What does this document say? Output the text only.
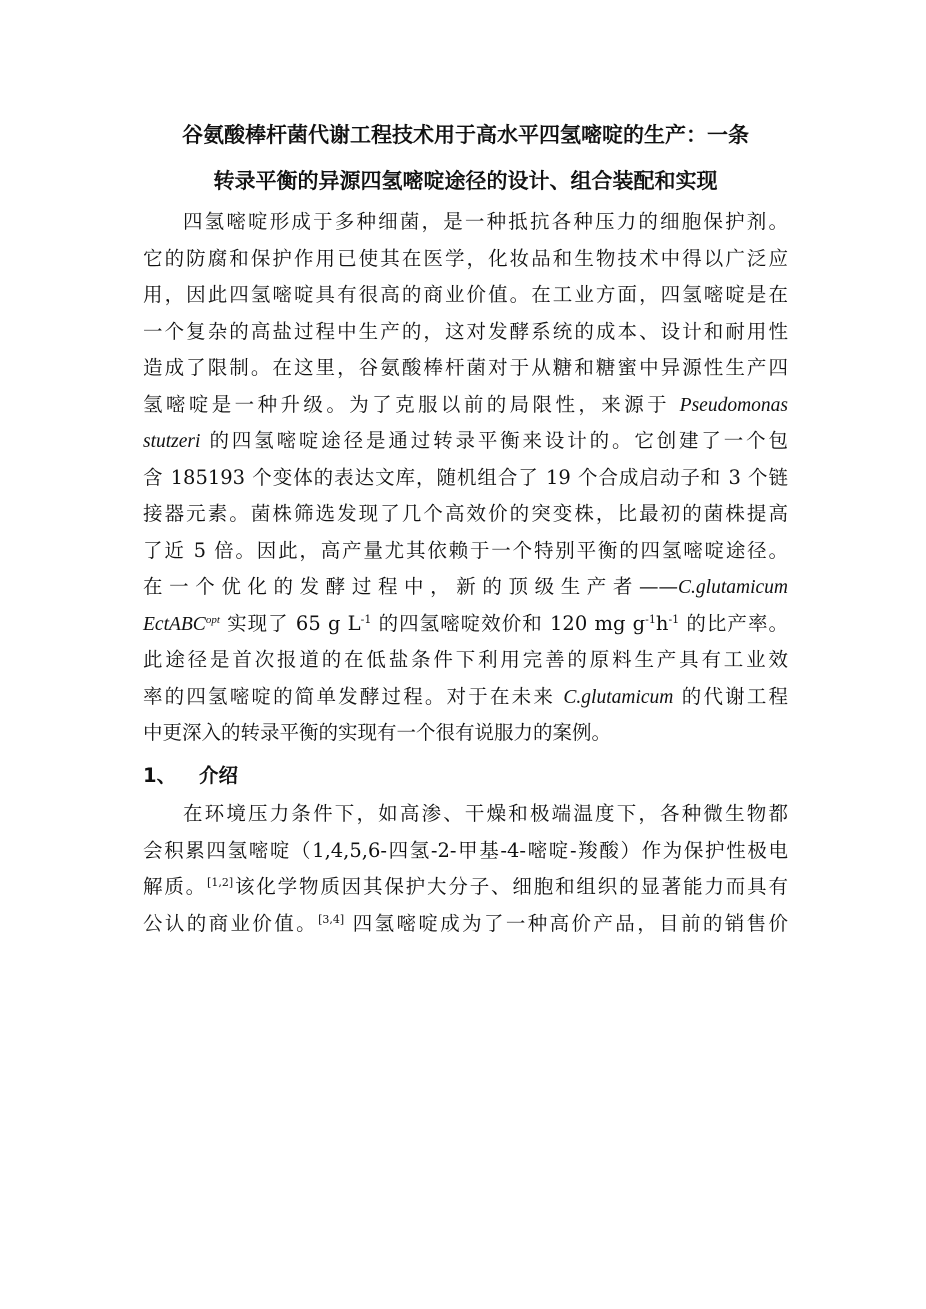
谷氨酸棒杆菌代谢工程技术用于高水平四氢嘧啶的生产：一条
转录平衡的异源四氢嘧啶途径的设计、组合装配和实现
四氢嘧啶形成于多种细菌，是一种抵抗各种压力的细胞保护剂。
它的防腐和保护作用已使其在医学，化妆品和生物技术中得以广泛应
用，因此四氢嘧啶具有很高的商业价值。在工业方面，四氢嘧啶是在
一个复杂的高盐过程中生产的，这对发酵系统的成本、设计和耐用性
造成了限制。在这里，谷氨酸棒杆菌对于从糖和糖蜜中异源性生产四
氢嘧啶是一种升级。为了克服以前的局限性，来源于 Pseudomonas
stutzeri 的四氢嘧啶途径是通过转录平衡来设计的。它创建了一个包
含 185193 个变体的表达文库，随机组合了 19 个合成启动子和 3 个链
接器元素。菌株筛选发现了几个高效价的突变株，比最初的菌株提高
了近 5 倍。因此，高产量尤其依赖于一个特别平衡的四氢嘧啶途径。
在一个优化的发酵过程中，新的顶级生产者——C.glutamicum
EctABC$^{opt}$ 实现了 65 g $L^{-1}$ 的四氢嘧啶效价和 120 mg $g^{-1}h^{-1}$ 的比产率。
此途径是首次报道的在低盐条件下利用完善的原料生产具有工业效
率的四氢嘧啶的简单发酵过程。对于在未来 C.glutamicum 的代谢工程
中更深入的转录平衡的实现有一个很有说服力的案例。
1、 介绍
在环境压力条件下，如高渗、干燥和极端温度下，各种微生物都
会积累四氢嘧啶（1,4,5,6-四氢-2-甲基-4-嘧啶-羧酸）作为保护性极电
解质。[1,2]该化学物质因其保护大分子、细胞和组织的显著能力而具有
公认的商业价值。[3,4] 四氢嘧啶成为了一种高价产品，目前的销售价
